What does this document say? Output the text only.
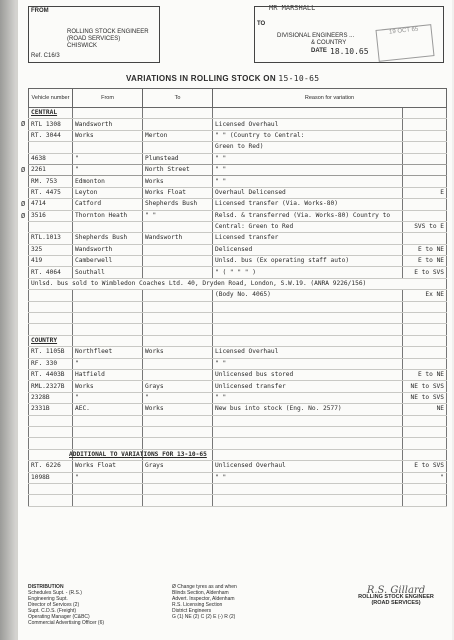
FROM
ROLLING STOCK ENGINEER
(ROAD SERVICES)
CHISWICK
Ref. C16/3
MR MARSHALL
TO
DIVISIONAL ENGINEERS ...
& COUNTRY
DATE 18.10.65
19 OCT 65
VARIATIONS IN ROLLING STOCK ON 15-10-65
Vehicle number	From	To	Reason for variation	
CENTRAL				

Ø RTL 1308	Wandsworth		Licensed Overhaul	
RT. 3044	Works	Merton	" " (Country to Central:	
			Green to Red)	
4638	"	Plumstead	" "	

Ø 2261	"	North Street	" "	
RM. 753	Edmonton	Works	" "	
RT. 4475	Leyton	Works Float	Overhaul Delicensed	E

Ø 4714	Catford	Shepherds Bush	Licensed transfer (Via. Works-80)	

Ø 3516	Thornton Heath	" "	Relsd. & transferred (Via. Works-80) Country to	
			Central: Green to Red	SVS to E
RTL.1013	Shepherds Bush	Wandsworth	Licensed transfer	
325	Wandsworth		Delicensed	E to NE
419	Camberwell		Unlsd. bus (Ex operating staff auto)	E to NE
RT. 4064	Southall		" ( " " " )	E to SVS
Unlsd. bus sold to Wimbledon Coaches Ltd. 40, Dryden Road, London, S.W.19. (ANRA 9226/156)				
			(Body No. 4065)	Ex NE

COUNTRY				
RT. 1105B	Northfleet	Works	Licensed Overhaul	
RF. 330	"		" "	
RT. 4403B	Hatfield		Unlicensed bus stored	E to NE
RML.2327B	Works	Grays	Unlicensed transfer	NE to SVS
2328B	"	"	" "	NE to SVS
2331B	AEC.	Works	New bus into stock (Eng. No. 2577)	NE

ADDITIONAL TO VARIATIONS FOR 13-10-65				
RT. 6226	Works Float	Grays	Unlicensed Overhaul	E to SVS
1098B	"		" "	"

DISTRIBUTION
Schedules Supt. - (R.S.)
Engineering Supt.
Director of Services (2)
Supt. C.D.S. (Freight)
Operating Manager (C&BC)
Commercial Advertising Officer (6)
Ø Change tyres as and when
Blinds Section, Aldenham
Advert. Inspector, Aldenham
R.S. Licensing Section
District Engineers
G (1) NE (2) C (2) E (-) R (2)
R.S. Gillard
ROLLING STOCK ENGINEER
(ROAD SERVICES)
